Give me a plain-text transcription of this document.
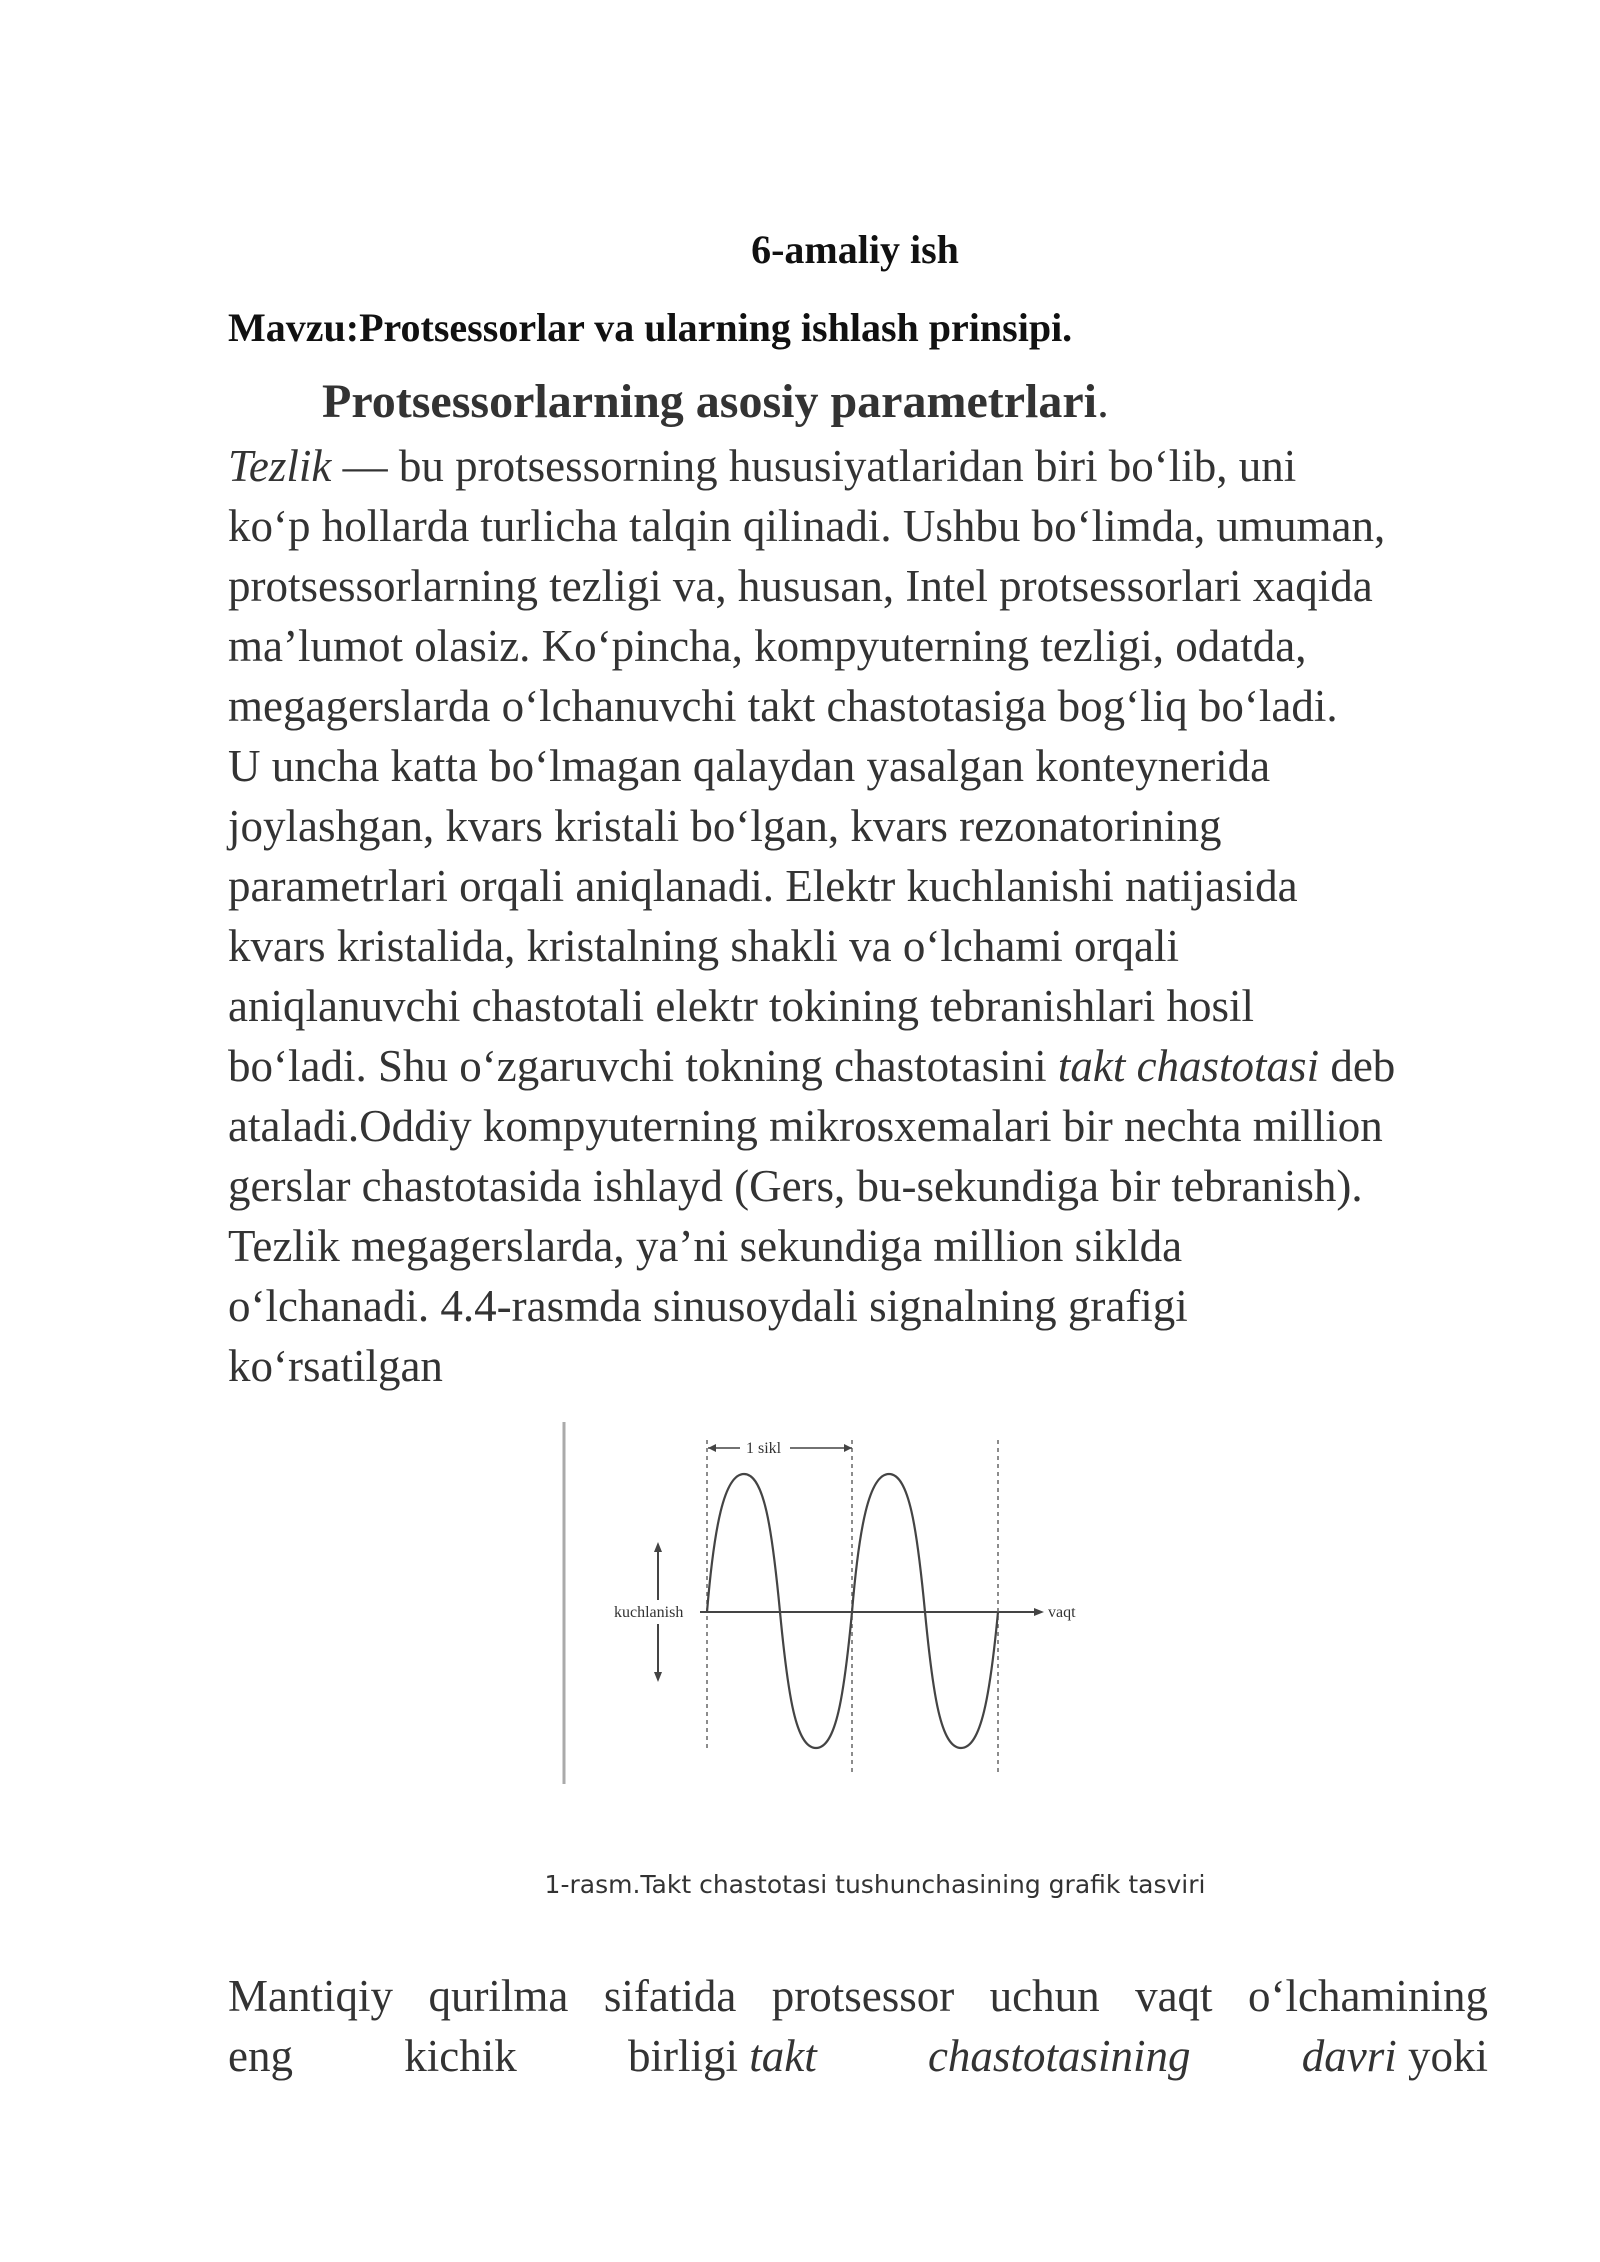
6-amaliy ish
Mavzu:Protsessorlar va ularning ishlash prinsipi.
Protsessorlarning asosiy parametrlari.
Tezlik — bu protsessorning hususiyatlaridan biri bo‘lib, uni
ko‘p hollarda turlicha talqin qilinadi. Ushbu bo‘limda, umuman,
protsessorlarning tezligi va, hususan, Intel protsessorlari xaqida
ma’lumot olasiz. Ko‘pincha, kompyuterning tezligi, odatda,
megagerslarda o‘lchanuvchi takt chastotasiga bog‘liq bo‘ladi.
U uncha katta bo‘lmagan qalaydan yasalgan konteynerida
joylashgan, kvars kristali bo‘lgan, kvars rezonatorining
parametrlari orqali aniqlanadi. Elektr kuchlanishi natijasida
kvars kristalida, kristalning shakli va o‘lchami orqali
aniqlanuvchi chastotali elektr tokining tebranishlari hosil
bo‘ladi. Shu o‘zgaruvchi tokning chastotasini takt chastotasi deb
ataladi.Oddiy kompyuterning mikrosxemalari bir nechta million
gerslar chastotasida ishlayd (Gers, bu-sekundiga bir tebranish).
Tezlik megagerslarda, ya’ni sekundiga million siklda
o‘lchanadi. 4.4-rasmda sinusoydali signalning grafigi
ko‘rsatilgan
vaqt
kuchlanish
1 sikl
1-rasm.Takt chastotasi tushunchasining grafik tasviri
Mantiqiy qurilma sifatida protsessor uchun vaqt o‘lchamining
eng kichik birligi takt chastotasining davri yoki
